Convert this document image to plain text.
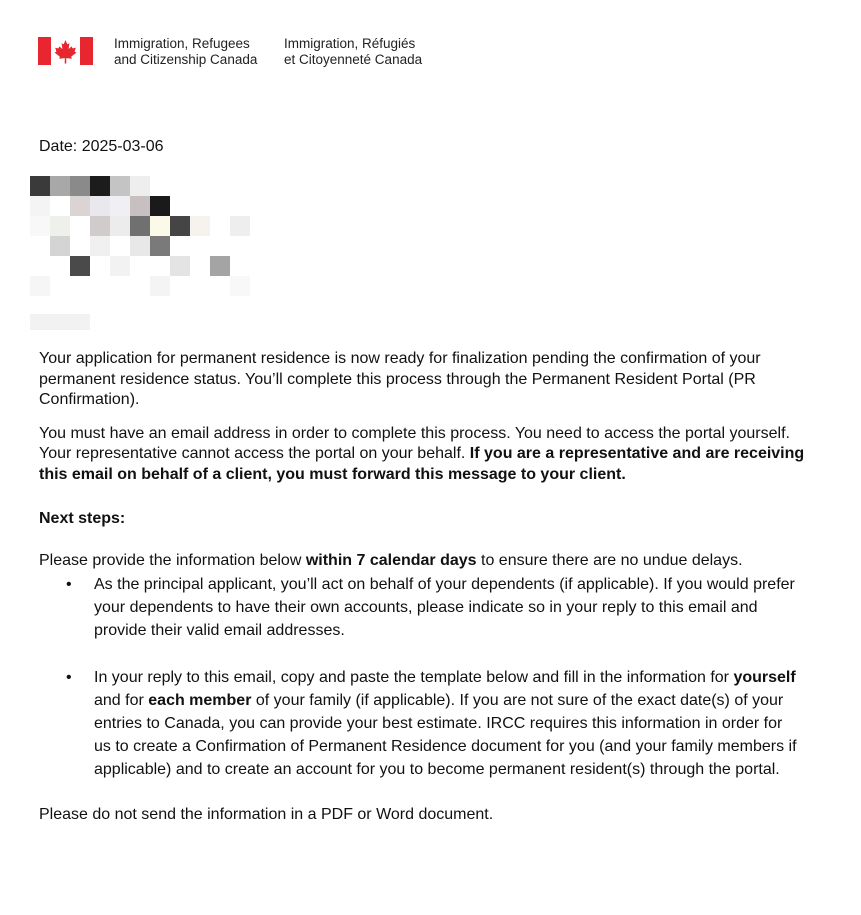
Immigration, Refugees
and Citizenship Canada
Immigration, Réfugiés
et Citoyenneté Canada
Date: 2025-03-06

Your application for permanent residence is now ready for finalization pending the confirmation of your permanent residence status. You’ll complete this process through the Permanent Resident Portal (PR Confirmation).

You must have an email address in order to complete this process. You need to access the portal yourself. Your representative cannot access the portal on your behalf. If you are a representative and are receiving this email on behalf of a client, you must forward this message to your client.

Next steps:

Please provide the information below within 7 calendar days to ensure there are no undue delays.

• As the principal applicant, you’ll act on behalf of your dependents (if applicable). If you would prefer your dependents to have their own accounts, please indicate so in your reply to this email and provide their valid email addresses.
• In your reply to this email, copy and paste the template below and fill in the information for yourself and for each member of your family (if applicable). If you are not sure of the exact date(s) of your entries to Canada, you can provide your best estimate. IRCC requires this information in order for us to create a Confirmation of Permanent Residence document for you (and your family members if applicable) and to create an account for you to become permanent resident(s) through the portal.

Please do not send the information in a PDF or Word document.
